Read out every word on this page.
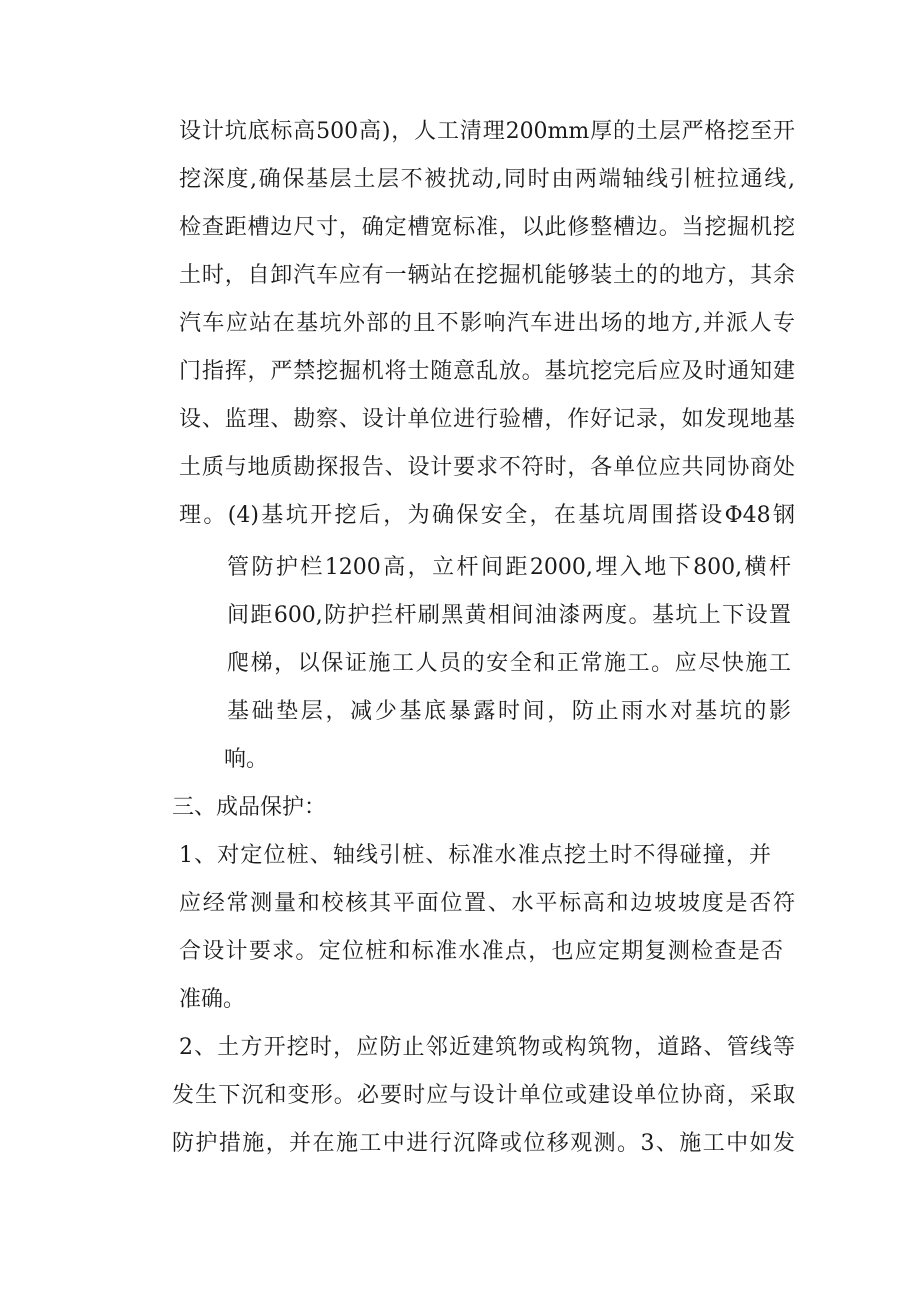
设计坑底标高500高)，人工清理200mm厚的土层严格挖至开
挖深度,确保基层土层不被扰动,同时由两端轴线引桩拉通线,
检查距槽边尺寸，确定槽宽标准，以此修整槽边。当挖掘机挖
土时，自卸汽车应有一辆站在挖掘机能够装土的的地方，其余
汽车应站在基坑外部的且不影响汽车进出场的地方,并派人专
门指挥，严禁挖掘机将士随意乱放。基坑挖完后应及时通知建
设、监理、勘察、设计单位进行验槽，作好记录，如发现地基
土质与地质勘探报告、设计要求不符时，各单位应共同协商处
理。(4)基坑开挖后，为确保安全，在基坑周围搭设Φ48钢
管防护栏1200高，立杆间距2000,埋入地下800,横杆
间距600,防护拦杆刷黑黄相间油漆两度。基坑上下设置
爬梯，以保证施工人员的安全和正常施工。应尽快施工
基础垫层，减少基底暴露时间，防止雨水对基坑的影
响。
三、成品保护：
1、对定位桩、轴线引桩、标准水准点挖土时不得碰撞，并
应经常测量和校核其平面位置、水平标高和边坡坡度是否符
合设计要求。定位桩和标准水准点，也应定期复测检查是否
准确。
2、土方开挖时，应防止邻近建筑物或构筑物，道路、管线等
发生下沉和变形。必要时应与设计单位或建设单位协商，采取
防护措施，并在施工中进行沉降或位移观测。3、施工中如发
